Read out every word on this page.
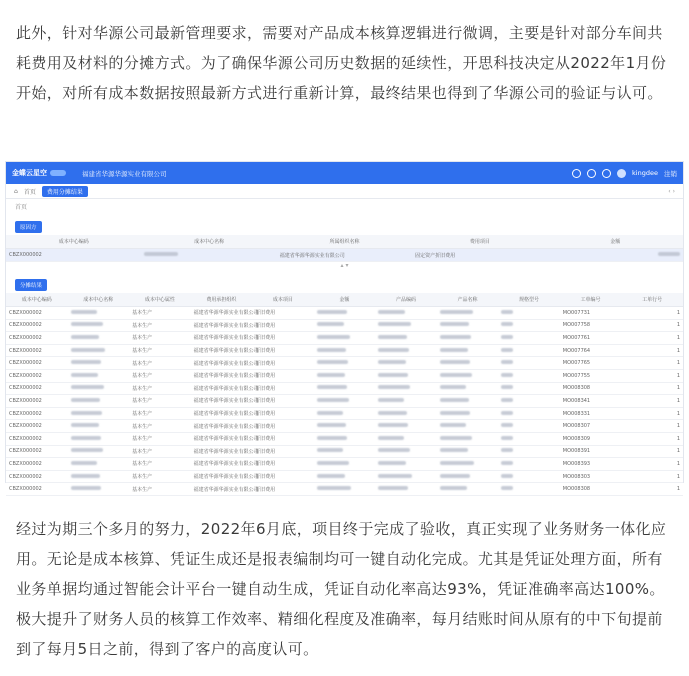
此外，针对华源公司最新管理要求，需要对产品成本核算逻辑进行微调，主要是针对部分车间共耗费用及材料的分摊方式。为了确保华源公司历史数据的延续性，开思科技决定从2022年1月份开始，对所有成本数据按照最新方式进行重新计算，最终结果也得到了华源公司的验证与认可。
金蝶云星空	福建省华源华源实业有限公司	kingdee 注销
⌂ 首页	费用分摊结果	‹ ›
首页
原因方
成本中心编码	成本中心名称	所属组织名称	费用项目	金额
CBZX000002		福建省华源华源实业有限公司	固定资产折旧费用	
▴ ▾
分摊结果
成本中心编码	成本中心名称	成本中心属性	费用承担组织	成本项目	金额	产品编码	产品名称	规格型号	工单编号	工单行号
CBZX000002		基本生产	福建省华源华源实业有限公司	折旧费用					MO007731	1
CBZX000002		基本生产	福建省华源华源实业有限公司	折旧费用					MO007758	1
CBZX000002		基本生产	福建省华源华源实业有限公司	折旧费用					MO007761	1
CBZX000002		基本生产	福建省华源华源实业有限公司	折旧费用					MO007764	1
CBZX000002		基本生产	福建省华源华源实业有限公司	折旧费用					MO007765	1
CBZX000002		基本生产	福建省华源华源实业有限公司	折旧费用					MO007755	1
CBZX000002		基本生产	福建省华源华源实业有限公司	折旧费用					MO008308	1
CBZX000002		基本生产	福建省华源华源实业有限公司	折旧费用					MO008341	1
CBZX000002		基本生产	福建省华源华源实业有限公司	折旧费用					MO008331	1
CBZX000002		基本生产	福建省华源华源实业有限公司	折旧费用					MO008307	1
CBZX000002		基本生产	福建省华源华源实业有限公司	折旧费用					MO008309	1
CBZX000002		基本生产	福建省华源华源实业有限公司	折旧费用					MO008391	1
CBZX000002		基本生产	福建省华源华源实业有限公司	折旧费用					MO008393	1
CBZX000002		基本生产	福建省华源华源实业有限公司	折旧费用					MO008303	1
CBZX000002		基本生产	福建省华源华源实业有限公司	折旧费用					MO008308	1
经过为期三个多月的努力，2022年6月底，项目终于完成了验收，真正实现了业务财务一体化应用。无论是成本核算、凭证生成还是报表编制均可一键自动化完成。尤其是凭证处理方面，所有业务单据均通过智能会计平台一键自动生成，凭证自动化率高达93%，凭证准确率高达100%。极大提升了财务人员的核算工作效率、精细化程度及准确率，每月结账时间从原有的中下旬提前到了每月5日之前，得到了客户的高度认可。
